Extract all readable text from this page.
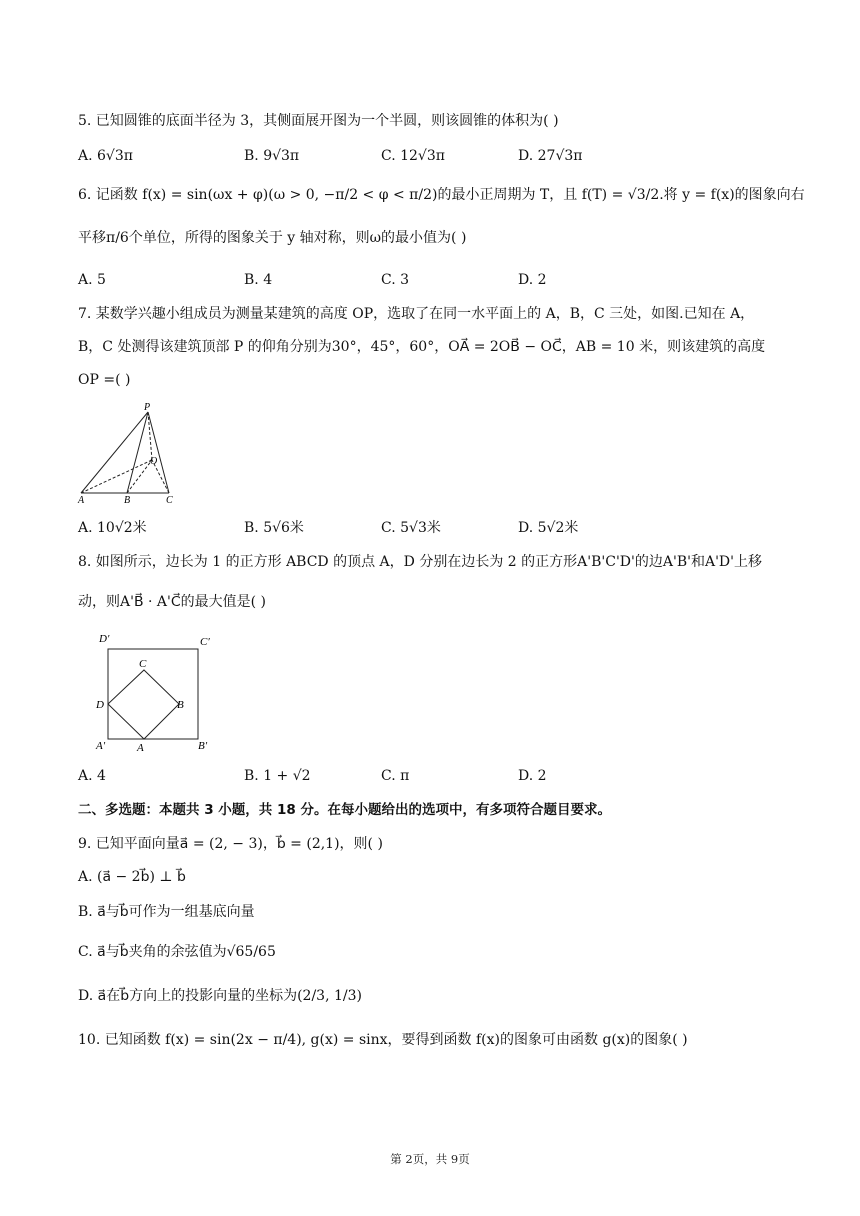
5. 已知圆锥的底面半径为 3，其侧面展开图为一个半圆，则该圆锥的体积为( )
A. 6√3π	B. 9√3π	C. 12√3π	D. 27√3π
6. 记函数 f(x) = sin(ωx + φ)(ω > 0, −π/2 < φ < π/2)的最小正周期为 T，且 f(T) = √3/2.将 y = f(x)的图象向右
平移π/6个单位，所得的图象关于 y 轴对称，则ω的最小值为( )
A. 5	B. 4	C. 3	D. 2
7. 某数学兴趣小组成员为测量某建筑的高度 OP，选取了在同一水平面上的 A，B，C 三处，如图.已知在 A，
B，C 处测得该建筑顶部 P 的仰角分别为30°，45°，60°，OA⃗ = 2OB⃗ − OC⃗，AB = 10 米，则该建筑的高度
OP =( )
P
O
A	B	C
A. 10√2米	B. 5√6米	C. 5√3米	D. 5√2米
8. 如图所示，边长为 1 的正方形 ABCD 的顶点 A，D 分别在边长为 2 的正方形A'B'C'D'的边A'B'和A'D'上移
动，则A'B⃗ · A'C⃗的最大值是( )
D′	C′
C
D	B
A′	A	B′
A. 4	B. 1 + √2	C. π	D. 2
二、多选题：本题共 3 小题，共 18 分。在每小题给出的选项中，有多项符合题目要求。
9. 已知平面向量a⃗ = (2, − 3)，b⃗ = (2,1)，则( )
A. (a⃗ − 2b⃗) ⊥ b⃗
B. a⃗与b⃗可作为一组基底向量
C. a⃗与b⃗夹角的余弦值为√65/65
D. a⃗在b⃗方向上的投影向量的坐标为(2/3, 1/3)
10. 已知函数 f(x) = sin(2x − π/4), g(x) = sinx，要得到函数 f(x)的图象可由函数 g(x)的图象( )
第 2页，共 9页
